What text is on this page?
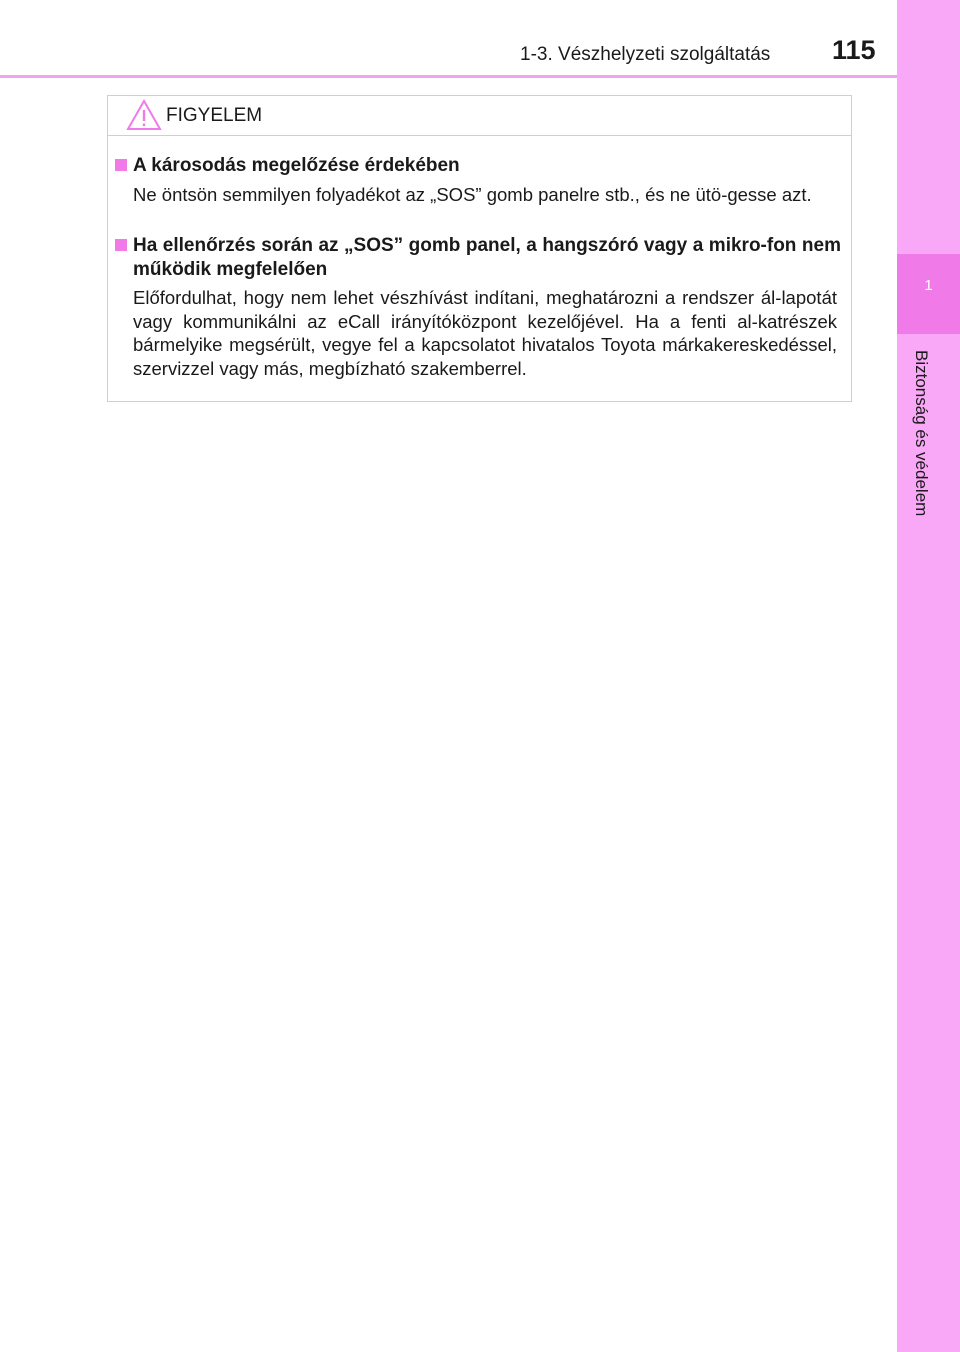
1-3. Vészhelyzeti szolgáltatás 115
1
Biztonság és védelem
FIGYELEM
A károsodás megelőzése érdekében
Ne öntsön semmilyen folyadékot az „SOS” gomb panelre stb., és ne ütö-gesse azt.
Ha ellenőrzés során az „SOS” gomb panel, a hangszóró vagy a mikro-fon nem működik megfelelően
Előfordulhat, hogy nem lehet vészhívást indítani, meghatározni a rendszer ál-lapotát vagy kommunikálni az eCall irányítóközpont kezelőjével. Ha a fenti al-katrészek bármelyike megsérült, vegye fel a kapcsolatot hivatalos Toyota márkakereskedéssel, szervizzel vagy más, megbízható szakemberrel.
